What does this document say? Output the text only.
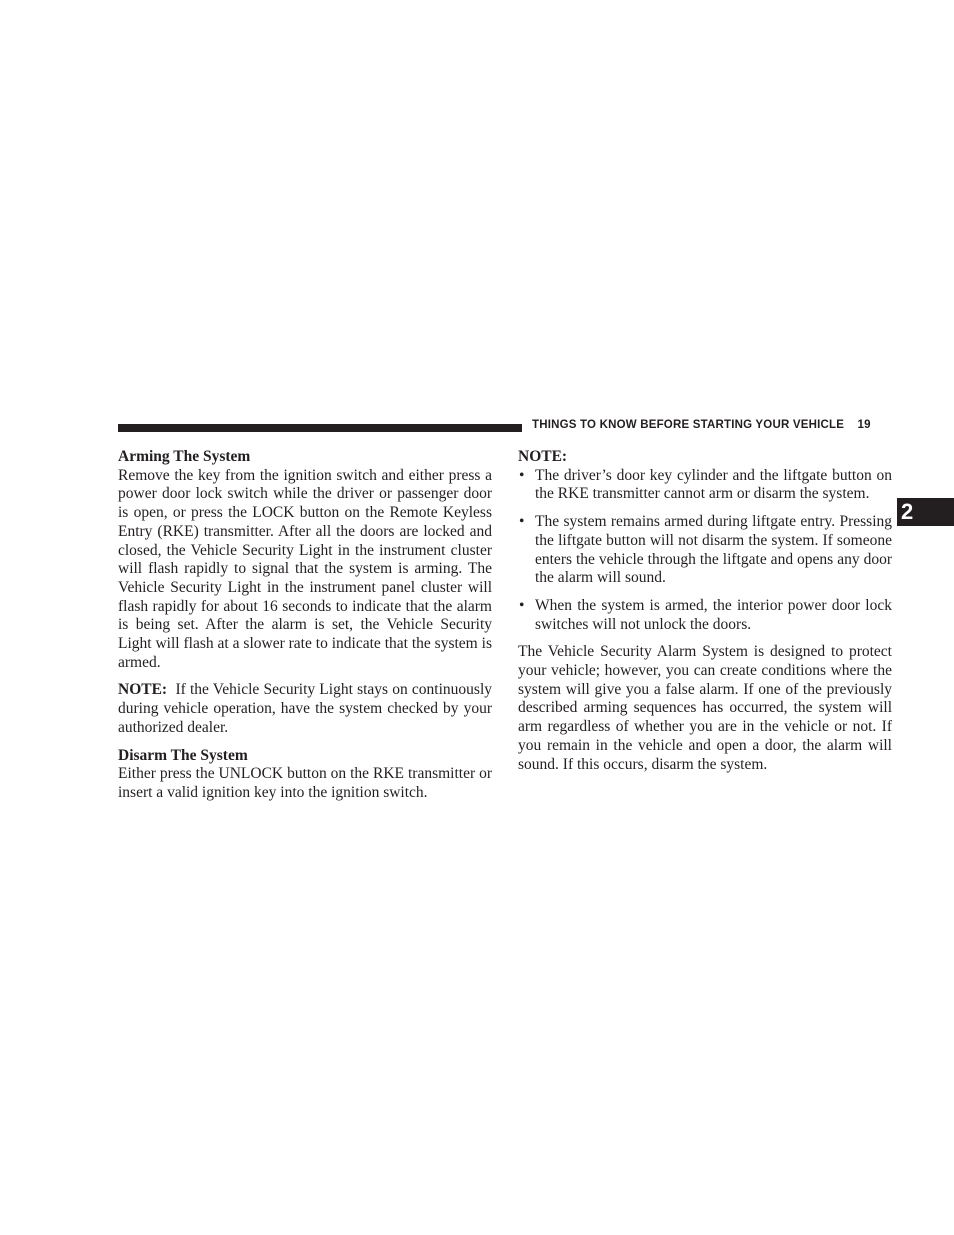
THINGS TO KNOW BEFORE STARTING YOUR VEHICLE 19
2
Arming The System

Remove the key from the ignition switch and either press a power door lock switch while the driver or passenger door is open, or press the LOCK button on the Remote Keyless Entry (RKE) transmitter. After all the doors are locked and closed, the Vehicle Security Light in the instrument cluster will flash rapidly to signal that the system is arming. The Vehicle Security Light in the instrument panel cluster will flash rapidly for about 16 seconds to indicate that the alarm is being set. After the alarm is set, the Vehicle Security Light will flash at a slower rate to indicate that the system is armed.

NOTE: If the Vehicle Security Light stays on continuously during vehicle operation, have the system checked by your authorized dealer.

Disarm The System

Either press the UNLOCK button on the RKE transmitter or insert a valid ignition key into the ignition switch.

NOTE:
• The driver’s door key cylinder and the liftgate button on the RKE transmitter cannot arm or disarm the system.
• The system remains armed during liftgate entry. Pressing the liftgate button will not disarm the system. If someone enters the vehicle through the liftgate and opens any door the alarm will sound.
• When the system is armed, the interior power door lock switches will not unlock the doors.

The Vehicle Security Alarm System is designed to protect your vehicle; however, you can create conditions where the system will give you a false alarm. If one of the previously described arming sequences has occurred, the system will arm regardless of whether you are in the vehicle or not. If you remain in the vehicle and open a door, the alarm will sound. If this occurs, disarm the system.
